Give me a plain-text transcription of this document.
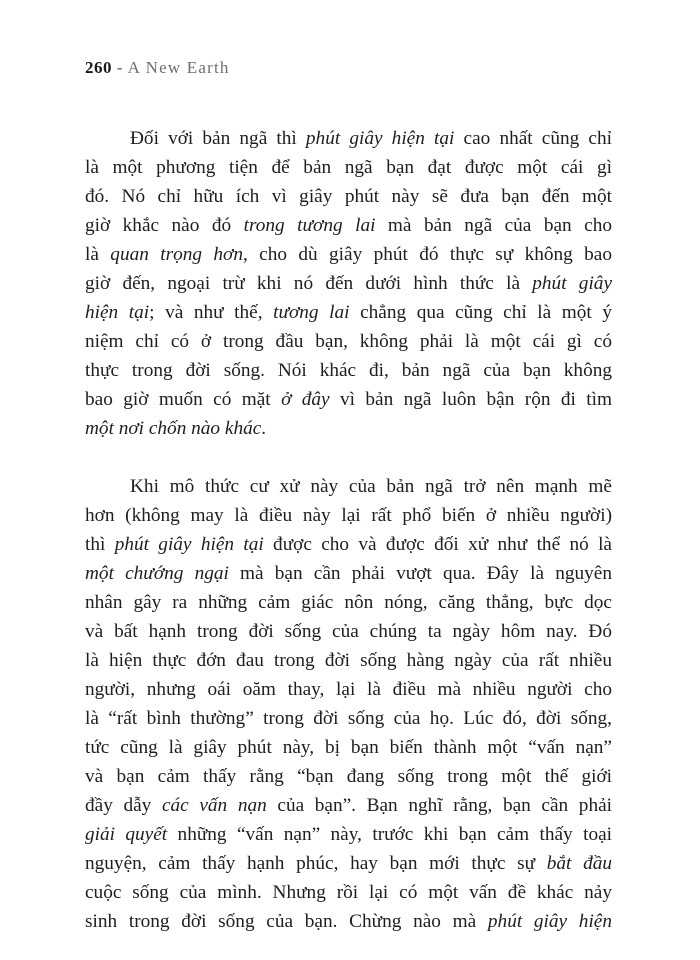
260 - A New Earth
Đối với bản ngã thì phút giây hiện tại cao nhất cũng chỉ
là một phương tiện để bản ngã bạn đạt được một cái gì
đó. Nó chỉ hữu ích vì giây phút này sẽ đưa bạn đến một
giờ khắc nào đó trong tương lai mà bản ngã của bạn cho
là quan trọng hơn, cho dù giây phút đó thực sự không bao
giờ đến, ngoại trừ khi nó đến dưới hình thức là phút giây
hiện tại; và như thế, tương lai chẳng qua cũng chỉ là một ý
niệm chỉ có ở trong đầu bạn, không phải là một cái gì có
thực trong đời sống. Nói khác đi, bản ngã của bạn không
bao giờ muốn có mặt ở đây vì bản ngã luôn bận rộn đi tìm
một nơi chốn nào khác.
Khi mô thức cư xử này của bản ngã trở nên mạnh mẽ
hơn (không may là điều này lại rất phổ biến ở nhiều người)
thì phút giây hiện tại được cho và được đối xử như thể nó là
một chướng ngại mà bạn cần phải vượt qua. Đây là nguyên
nhân gây ra những cảm giác nôn nóng, căng thẳng, bực dọc
và bất hạnh trong đời sống của chúng ta ngày hôm nay. Đó
là hiện thực đớn đau trong đời sống hàng ngày của rất nhiều
người, nhưng oái oăm thay, lại là điều mà nhiều người cho
là “rất bình thường” trong đời sống của họ. Lúc đó, đời sống,
tức cũng là giây phút này, bị bạn biến thành một “vấn nạn”
và bạn cảm thấy rằng “bạn đang sống trong một thế giới
đầy dẫy các vấn nạn của bạn”. Bạn nghĩ rằng, bạn cần phải
giải quyết những “vấn nạn” này, trước khi bạn cảm thấy toại
nguyện, cảm thấy hạnh phúc, hay bạn mới thực sự bắt đầu
cuộc sống của mình. Nhưng rồi lại có một vấn đề khác nảy
sinh trong đời sống của bạn. Chừng nào mà phút giây hiện
